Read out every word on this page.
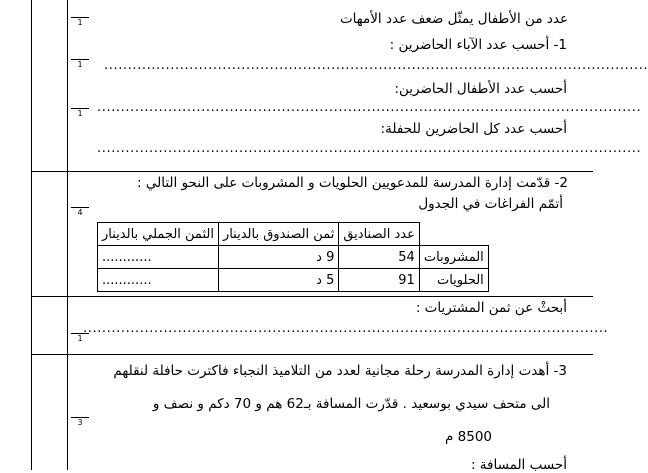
1
1
1
4
1
3
عدد من الأطفال يمثّل ضعف عدد الأمهات
1- أحسب عدد الآباء الحاضرين :
...................................................................................................................
أحسب عدد الأطفال الحاضرين:
...................................................................................................................
أحسب عدد كل الحاضرين للحفلة:
...................................................................................................................
2- قدّمت إدارة المدرسة للمدعويين الحلويات و المشروبات على النحو التالي :
أتمّم الفراغات في الجدول
	عدد الصناديق	ثمن الصندوق بالدينار	الثمن الجملي بالدينار
المشروبات	54	9 د	............
الحلويات	91	5 د	............
أبحثْ عن ثمن المشتريات :
...............................................................................................................
3- أهدت إدارة المدرسة رحلة مجانية لعدد من التلاميذ النجباء فاكترت حافلة لنقلهم
الى متحف سيدي بوسعيد . قدّرت المسافة بـ62 هم و 70 دكم و نصف و
8500 م
أحسب المسافة :
